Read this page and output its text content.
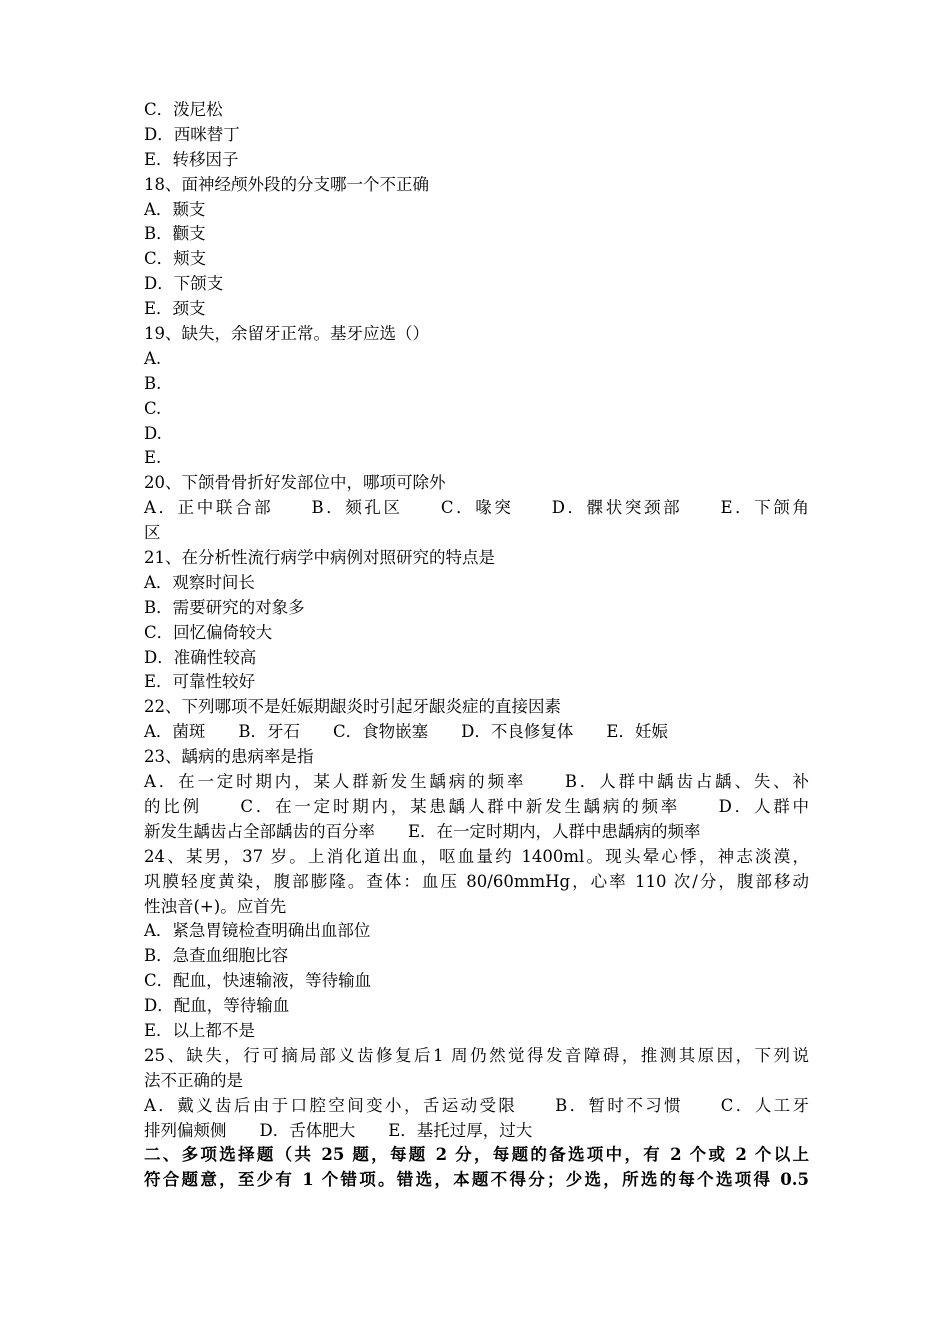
C．泼尼松
D．西咪替丁
E．转移因子
18、面神经颅外段的分支哪一个不正确
A．颞支
B．颧支
C．颊支
D．下颌支
E．颈支
19、缺失，余留牙正常。基牙应选（）
A.
B.
C.
D.
E.
20、下颌骨骨折好发部位中，哪项可除外
A．正中联合部　　B．颏孔区　　C．喙突　　D．髁状突颈部　　E．下颌角
区
21、在分析性流行病学中病例对照研究的特点是
A．观察时间长
B．需要研究的对象多
C．回忆偏倚较大
D．准确性较高
E．可靠性较好
22、下列哪项不是妊娠期龈炎时引起牙龈炎症的直接因素
A．菌斑　　B．牙石　　C．食物嵌塞　　D．不良修复体　　E．妊娠
23、龋病的患病率是指
A．在一定时期内，某人群新发生龋病的频率　　B．人群中龋齿占龋、失、补
的比例　　C．在一定时期内，某患龋人群中新发生龋病的频率　　D．人群中
新发生龋齿占全部龋齿的百分率　　E．在一定时期内，人群中患龋病的频率
24、某男，37 岁。上消化道出血，呕血量约 1400ml。现头晕心悸，神志淡漠，
巩膜轻度黄染，腹部膨隆。查体：血压 80/60mmHg，心率 110 次/分，腹部移动
性浊音(+)。应首先
A．紧急胃镜检查明确出血部位
B．急查血细胞比容
C．配血，快速输液，等待输血
D．配血，等待输血
E．以上都不是
25、缺失，行可摘局部义齿修复后1 周仍然觉得发音障碍，推测其原因，下列说
法不正确的是
A．戴义齿后由于口腔空间变小，舌运动受限　　B．暂时不习惯　　C．人工牙
排列偏颊侧　　D．舌体肥大　　E．基托过厚，过大
二、多项选择题（共 25 题，每题 2 分，每题的备选项中，有 2 个或 2 个以上
符合题意，至少有 1 个错项。错选，本题不得分；少选，所选的每个选项得 0.5
